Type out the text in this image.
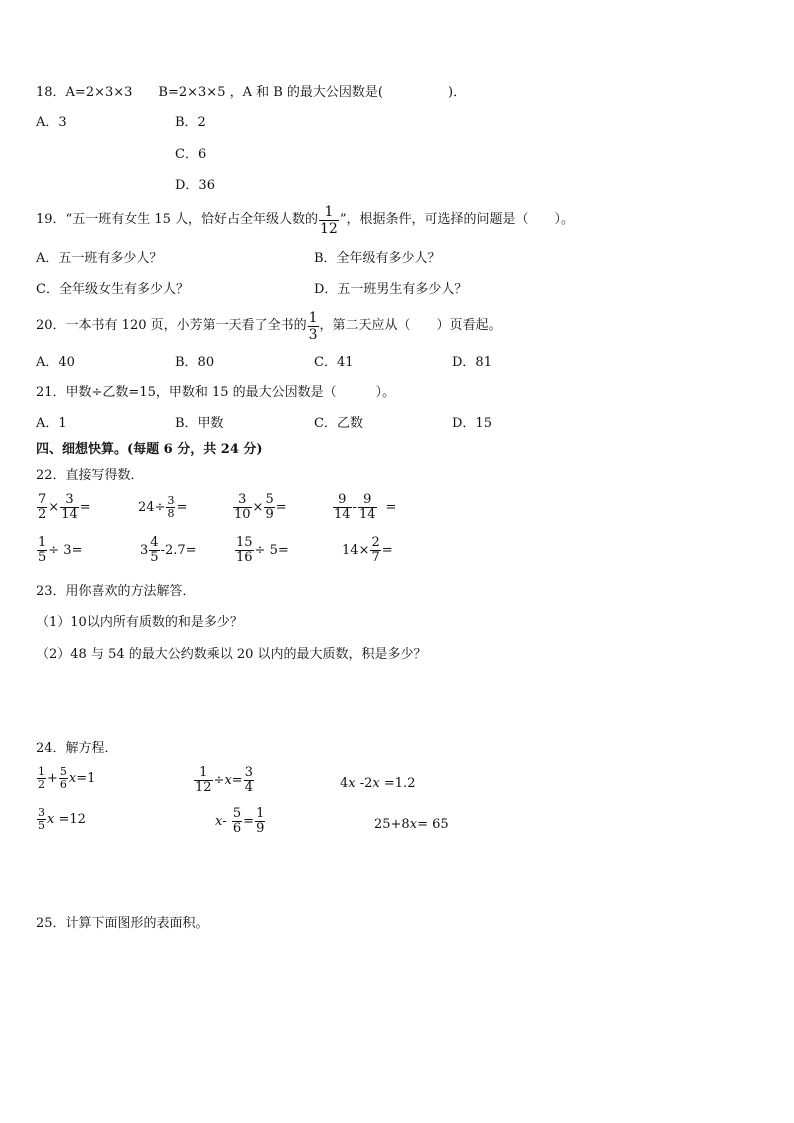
18．A=2×3×3　　B=2×3×5 ，A 和 B 的最大公因数是(　　　　　)．
A．3	B．2
C．6
D．36
19．“五一班有女生 15 人，恰好占全年级人数的 $\frac{1}{12}$ ”，根据条件，可选择的问题是（　　）。
A．五一班有多少人？	B．全年级有多少人？
C．全年级女生有多少人？	D．五一班男生有多少人？
20．一本书有 120 页，小芳第一天看了全书的 $\frac{1}{3}$ ，第二天应从（　　）页看起。
A．40	B．80	C．41	D．81
21．甲数÷乙数=15，甲数和 15 的最大公因数是（　　　）。
A．1	B．甲数	C．乙数	D．15
四、细想快算。(每题 6 分，共 24 分)
22．直接写得数．
$\frac{7}{2} \times \frac{3}{14}$ =	$24\div \frac{3}{8}$ =	$\frac{3}{10} \times \frac{5}{9}$ =	$\frac{9}{14} - \frac{9}{14}$ =
$\frac{1}{5} \div 3=$	$3 \frac{4}{5} -2.7=$	$\frac{15}{16} \div 5=$	$14\times \frac{2}{7}$ =
23．用你喜欢的方法解答．
（1）10以内所有质数的和是多少？
（2）48 与 54 的最大公约数乘以 20 以内的最大质数，积是多少？
24．解方程．
$\frac{1}{2} + \frac{5}{6}$ x =1	$\frac{1}{12} \div x = \frac{3}{4}$	4 x -2 x =1.2
$\frac{3}{5}$ x =12	$x - \frac{5}{6} = \frac{1}{9}$	25+8 x = 65
25．计算下面图形的表面积。
